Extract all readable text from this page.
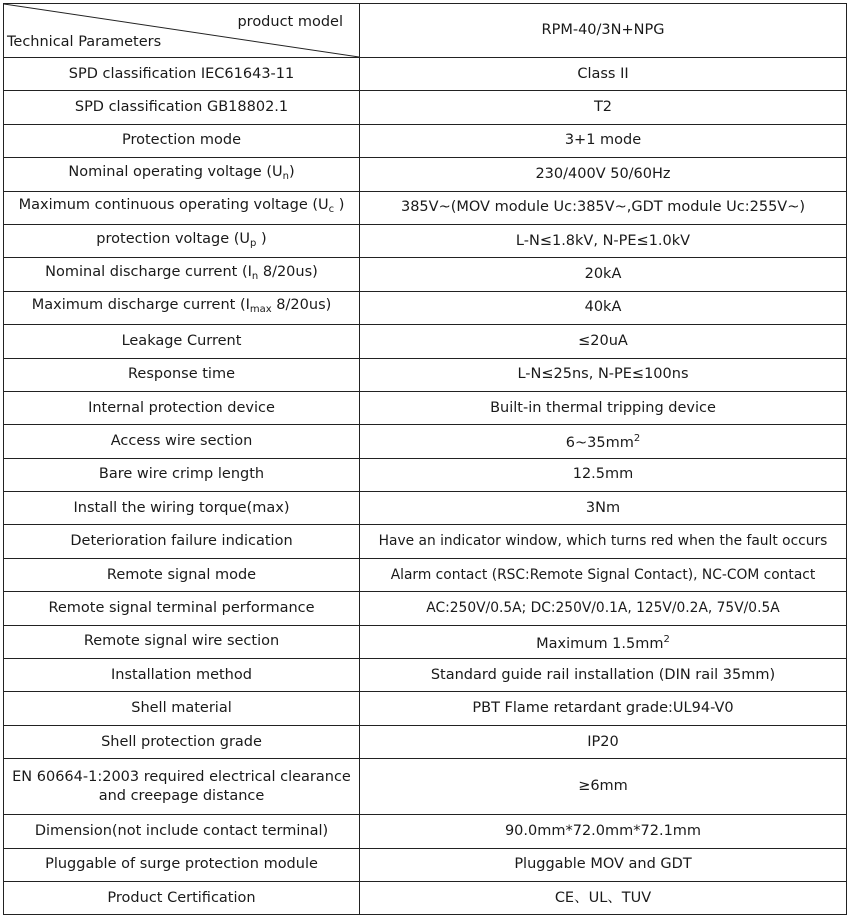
product model
Technical Parameters	RPM-40/3N+NPG
SPD classification IEC61643-11	Class II
SPD classification GB18802.1	T2
Protection mode	3+1 mode
Nominal operating voltage $(U_n)$	230/400V 50/60Hz
Maximum continuous operating voltage ($U_c$ )	385V~(MOV module Uc:385V~,GDT module Uc:255V~)
protection voltage ($U_p$ )	L-N≤1.8kV, N-PE≤1.0kV
Nominal discharge current ($I_n$ 8/20us)	20kA
Maximum discharge current ($I_{max}$ 8/20us)	40kA
Leakage Current	≤20uA
Response time	L-N≤25ns, N-PE≤100ns
Internal protection device	Built-in thermal tripping device
Access wire section	$6\sim 35mm^2$
Bare wire crimp length	12.5mm
Install the wiring torque(max)	3Nm
Deterioration failure indication	Have an indicator window, which turns red when the fault occurs
Remote signal mode	Alarm contact (RSC:Remote Signal Contact), NC-COM contact
Remote signal terminal performance	AC:250V/0.5A; DC:250V/0.1A, 125V/0.2A, 75V/0.5A
Remote signal wire section	Maximum $1.5mm^2$
Installation method	Standard guide rail installation (DIN rail 35mm)
Shell material	PBT Flame retardant grade:UL94-V0
Shell protection grade	IP20
EN 60664-1:2003 required electrical clearance and creepage distance	≥6mm
Dimension(not include contact terminal)	90.0mm*72.0mm*72.1mm
Pluggable of surge protection module	Pluggable MOV and GDT
Product Certification	CE、UL、TUV
